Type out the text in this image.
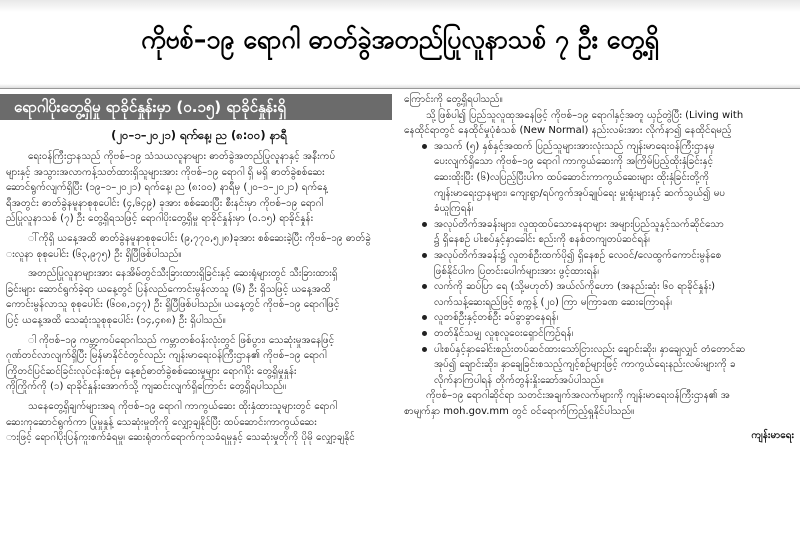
ကိုဗစ်–၁၉ ရောဂါ ဓာတ်ခွဲအတည်ပြုလူနာသစ် ၇ ဦး တွေ့ရှိ
ရောဂါပိုးတွေ့ရှိမှု ရာခိုင်နှုန်းမှာ (၀.၁၅) ရာခိုင်နှုန်းရှိ
(၂၀–၁–၂၀၂၁) ရက်နေ့၊ ည (၈:၀၀) နာရီ
ရေးဝန်ကြီးဌာနသည် ကိုဗစ်–၁၉ သံသယလူနာများ ဓာတ်ခွဲအတည်ပြုလူနာနှင့် အနီးကပ်
များနှင့် အသွားအလာကန့်သတ်ထားရှိသူများအား ကိုဗစ်–၁၉ ရောဂါ ရှိ မရှိ ဓာတ်ခွဲစစ်ဆေး
ဆောင်ရွက်လျက်ရှိပြီး (၁၉–၁–၂၀၂၁) ရက်နေ့၊ ည (၈:၀၀) နာရီမှ (၂၀–၁–၂၀၂၁) ရက်နေ့
ရီအတွင်း ဓာတ်ခွဲနမူနာစုစုပေါင်း (၄,၆၄၉) ခုအား စစ်ဆေးပြီး စီးနင်းမှာ ကိုဗစ်–၁၉ ရောဂါ
ည်ပြုလူနာသစ် (၇) ဦး တွေ့ရှိရသဖြင့် ရောဂါပိုးတွေ့ရှိမှု ရာခိုင်နှုန်းမှာ (၀.၁၅) ရာခိုင်နှုန်း
ါ်ကိုရှိ ယနေ့အထိ ဓာတ်ခွဲနမူနာစုစုပေါင်း (၉,၇၇၀,၅၂၈)ခုအား စစ်ဆေးခဲ့ပြီး ကိုဗစ်–၁၉ ဓာတ်ခွဲ
းလူနာ စုစုပေါင်း (၆၃,၉၇၅) ဦး ရှိပြီဖြစ်ပါသည်။
အတည်ပြုလူနာများအား နေအိမ်တွင်သီးခြားထားရှိခြင်းနှင့် ဆေးရုံများတွင် သီးခြားထားရှိ
ခြင်းများ ဆောင်ရွက်ခဲ့ရာ ယနေ့တွင် ပြန်လည်ကောင်းမွန်လာသူ (၆) ဦး ရှိသဖြင့် ယနေ့အထိ
ကောင်းမွန်လာသူ စုစုပေါင်း (၆၀၈,၁၄၇) ဦး ရှိပြီဖြစ်ပါသည်။ ယနေ့တွင် ကိုဗစ်–၁၉ ရောဂါဖြင့်
ပြင့် ယနေ့အထိ သေဆုံးသူစုစုပေါင်း (၁၄,၄၈၈) ဦး ရှိပါသည်။
ါ ကိုဗစ်–၁၉ ကမ္ဘာ့ကပ်ရောဂါသည် ကမ္ဘာတစ်ဝန်းလုံးတွင် ဖြစ်ပွား၊ သေဆုံးမှုအနေဖြင့်
ဂုဏ်တင်လာလျက်ရှိပြီး မြန်မာနိုင်ငံတွင်လည်း ကျန်းမာရေးဝန်ကြီးဌာန၏ ကိုဗစ်–၁၉ ရောဂါ
ကြိုတင်ပြင်ဆင်ခြင်းလုပ်ငန်းစဉ်မှ နေ့စဉ်ဓာတ်ခွဲစစ်ဆေးမှုများ ရောဂါပိုး တွေ့ရှိမှုနှုန်း
ကိုကြိုက်ကို (၁) ရာခိုင်နှုန်းအောက်သို့ ကျဆင်းလျက်ရှိကြောင်း တွေ့ရှိရပါသည်။
သနေတွေ့ရှိချက်များအရ ကိုဗစ်–၁၉ ရောဂါ ကာကွယ်ဆေး ထိုးနှံထားသူများတွင် ရောဂါ
ဆေးကုဆောင်ရွက်ကာ ပြုမှုနှုန့် သေဆုံးမှုတိုကို လျှော့ချနိုင်ပြီး ထပ်ဆောင်းကာကွယ်ဆေး
ားဖြင့် ရောဂါပိုးပြန်ကူးစက်ခံရမှု၊ ဆေးရုံတက်ရောက်ကုသခံရမှုနှင့် သေဆုံးမှုတိုကို ပိုမို လျှော့ချနိုင်
ကြောင်းကို တွေ့ရှိရပါသည်။
သို့ဖြစ်ပါ၍ ပြည်သူလူထုအနေဖြင့် ကိုဗစ်–၁၉ ရောဂါနှင့်အတူ ယှဉ်တွဲပြီး (Living with
နေထိုင်ရာတွင် နေထိုင်မှုပုံစံသစ် (New Normal) နည်းလမ်းအား လိုက်နာ၍ နေထိုင်ရမည့်
အသက် (၅) နှစ်နှင့်အထက် ပြည်သူများအားလုံးသည် ကျန်းမာရေးဝန်ကြီးဌာနမှ
ပေးလျက်ရှိသော ကိုဗစ်–၁၉ ရောဂါ ကာကွယ်ဆေးကို အကြိမ်ပြည့်ထိုးနှံခြင်းနှင့်
ဆေးထိုးပြီး (၆)လပြည့်ပြီးပါက ထပ်ဆောင်းကာကွယ်ဆေးများ ထိုးနှံခြင်းတို့ကို
ကျန်းမာရေးဌာနများ၊ ကျေးရွာ/ရပ်ကွက်အုပ်ချုပ်ရေး မှူးရုံးများနှင့် ဆက်သွယ်၍ မပ
ခံယူကြရန်၊
အလုပ်တိက်အခန်းများ၊ လူထုထပ်သောနေရာများ အများပြည်သူနှင့်သက်ဆိုင်သော
၌ ရှိနေစဉ် ပါးစပ်နှင့်နှာခေါင်း စည်းကို စနစ်တကျတပ်ဆင်ရန်၊
အလုပ်တိက်အခန်း၌ လူတစ်ဦးထက်ပို၍ ရှိနေစဉ် လေဝင်/လေထွက်ကောင်းမွန်စေ
ဖြစ်နိုင်ပါက ပြတင်းပေါက်များအား ဖွင့်ထားရန်၊
လက်ကို ဆပ်ပြာ ရေ (သို့မဟုတ်) အယ်လ်ကိုဟော (အနည်းဆုံး ၆၀ ရာခိုင်နှုန်း)
လက်သန့်ဆေးရည်ဖြင့် စက္ကန့် (၂၀) ကြာ မကြာခဏ ဆေးကြောရန်၊
လူတစ်ဦးနှင့်တစ်ဦး ခပ်ခွာခွာနေရန်၊
တတ်နိုင်သမျှ လူစုလူဝေးရှောင်ကြဉ်ရန်၊
ပါးစပ်နှင့်နှာခေါင်းစည်းတပ်ဆင်ထားသော်ငြားလည်း ချောင်းဆိုး၊ နှာချေလျှင် တံတောင်ဆ
အုပ်၍ ချောင်းဆိုး၊ နှာချေခြင်းစသည့်ကျင့်စဉ်များဖြင့် ကာကွယ်ရေးနည်းလမ်းများကို ခ
လိုက်နာကြပါရန် တိုက်တွန်းနှိုးဆော်အပ်ပါသည်။
ကိုဗစ်–၁၉ ရောဂါဆိုင်ရာ သတင်းအချက်အလက်များကို ကျန်းမာရေးဝန်ကြီးဌာန၏ အ
စာမျက်နှာ moh.gov.mm တွင် ဝင်ရောက်ကြည့်ရှုနိုင်ပါသည်။
ကျန်းမာရေး
